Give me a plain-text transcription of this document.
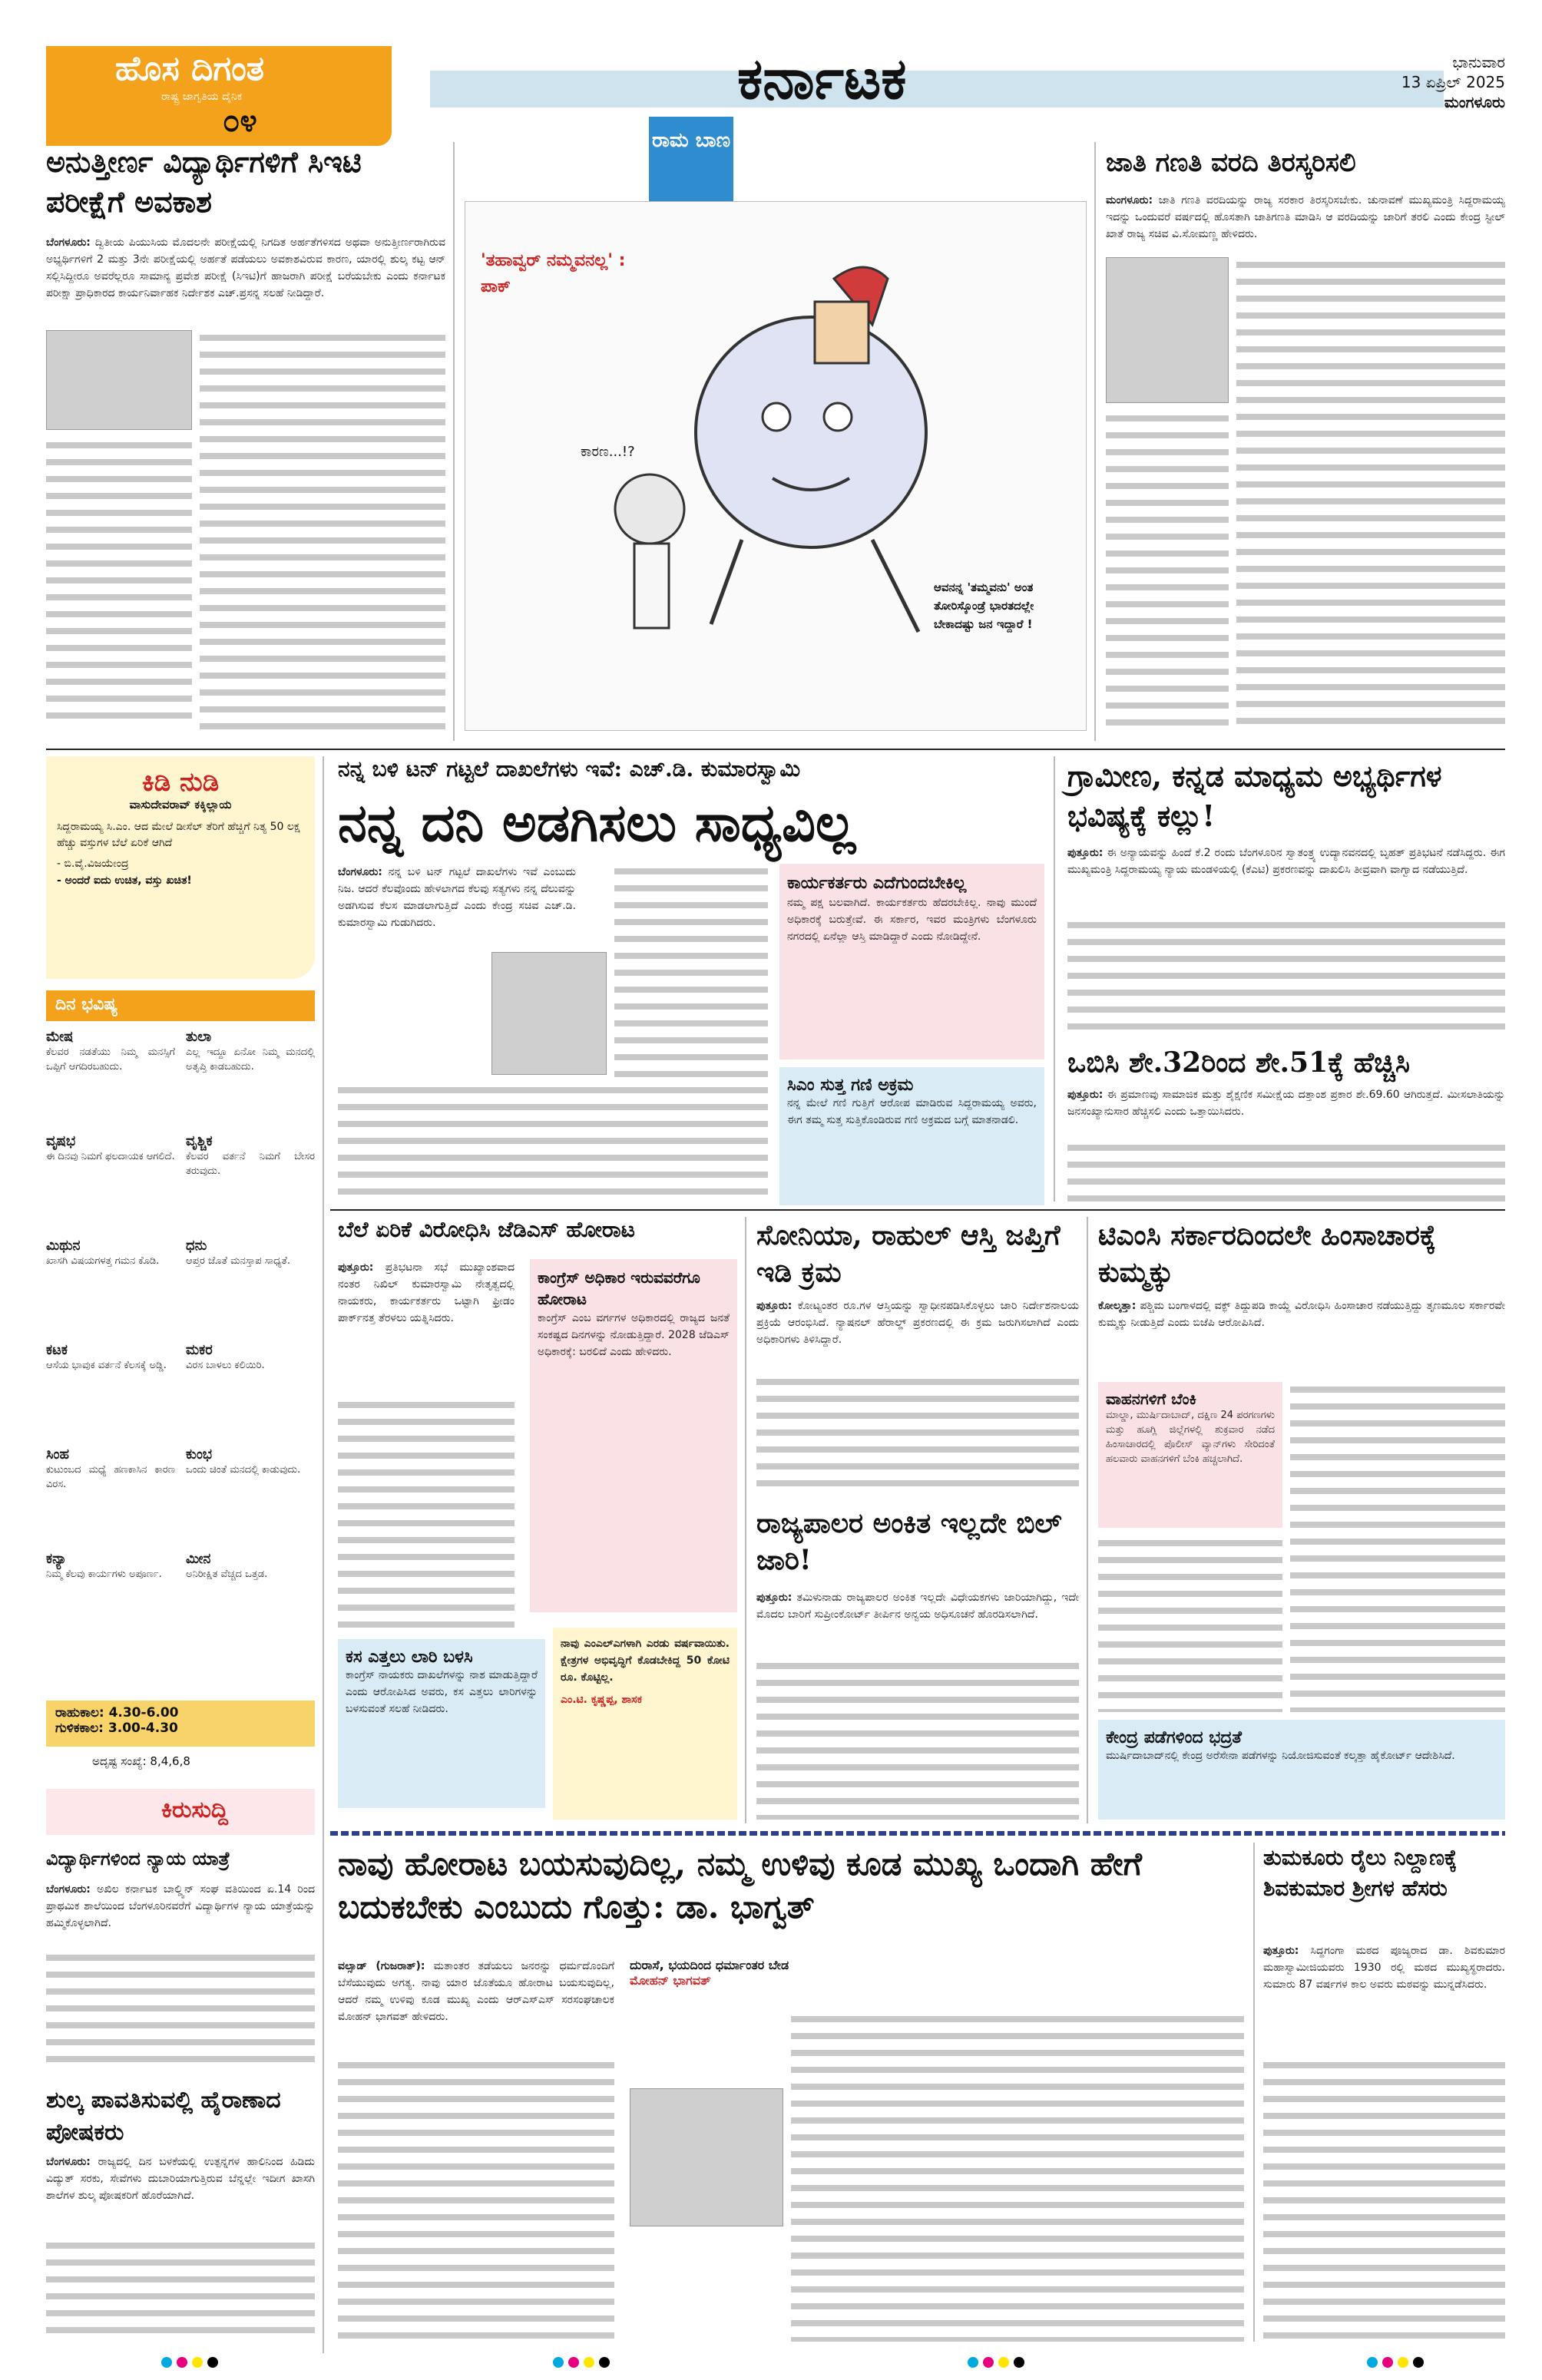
ಹೊಸ ದಿಗಂತ
ರಾಷ್ಟ್ರ ಜಾಗೃತಿಯ ದೈನಿಕ
೦೪
ಕರ್ನಾಟಕ	ಭಾನುವಾರ
13 ಏಪ್ರಿಲ್ 2025
ಮಂಗಳೂರು
ಅನುತ್ತೀರ್ಣ ವಿದ್ಯಾರ್ಥಿಗಳಿಗೆ ಸಿಇಟಿ ಪರೀಕ್ಷೆಗೆ ಅವಕಾಶ
ಬೆಂಗಳೂರು: ದ್ವಿತೀಯ ಪಿಯುಸಿಯ ಮೊದಲನೇ ಪರೀಕ್ಷೆಯಲ್ಲಿ ನಿಗದಿತ ಅರ್ಹತೆಗಳಿಸದ ಅಥವಾ ಅನುತ್ತೀರ್ಣರಾಗಿರುವ ಅಭ್ಯರ್ಥಿಗಳಿಗೆ 2 ಮತ್ತು 3ನೇ ಪರೀಕ್ಷೆಯಲ್ಲಿ ಅರ್ಹತೆ ಪಡೆಯಲು ಅವಕಾಶವಿರುವ ಕಾರಣ, ಯಾರಲ್ಲಿ ಶುಲ್ಕ ಕಟ್ಟ ಆನ್‌ ಸಲ್ಲಿಸಿದ್ದೀರೂ ಅವರೆಲ್ಲರೂ ಸಾಮಾನ್ಯ ಪ್ರವೇಶ ಪರೀಕ್ಷೆ (ಸಿಇಟಿ)ಗೆ ಹಾಜರಾಗಿ ಪರೀಕ್ಷೆ ಬರೆಯಬೇಕು ಎಂದು ಕರ್ನಾಟಕ ಪರೀಕ್ಷಾ ಪ್ರಾಧಿಕಾರದ ಕಾರ್ಯನಿರ್ವಾಹಕ ನಿರ್ದೇಶಕ ಎಚ್.ಪ್ರಸನ್ನ ಸಲಹೆ ನೀಡಿದ್ದಾರೆ.
ರಾಮ ಬಾಣ
'ತಹಾವ್ವರ್ ನಮ್ಮವನಲ್ಲ' : ಪಾಕ್
ಕಾರಣ...!?
ಆವನನ್ನ 'ತಮ್ಮವನು' ಅಂತ ತೋರಿಸ್ಕೊಂಡ್ರೆ ಭಾರತದಲ್ಲೇ ಬೇಕಾದಷ್ಟು ಜನ ಇದ್ದಾರೆ !
ಜಾತಿ ಗಣತಿ ವರದಿ ತಿರಸ್ಕರಿಸಲಿ
ಮಂಗಳೂರು: ಜಾತಿ ಗಣತಿ ವರದಿಯನ್ನು ರಾಜ್ಯ ಸರಕಾರ ತಿರಸ್ಕರಿಸಬೇಕು. ಚುನಾವಣೆ ಮುಖ್ಯಮಂತ್ರಿ ಸಿದ್ದರಾಮಯ್ಯ ಇದನ್ನು ಒಂದುವರೆ ವರ್ಷದಲ್ಲಿ ಹೊಸತಾಗಿ ಜಾತಿಗಣತಿ ಮಾಡಿಸಿ ಆ ವರದಿಯನ್ನು ಜಾರಿಗೆ ತರಲಿ ಎಂದು ಕೇಂದ್ರ ಸ್ಟೀಲ್ ಖಾತೆ ರಾಜ್ಯ ಸಚಿವ ವಿ.ಸೋಮಣ್ಣ ಹೇಳಿದರು.
ಕಿಡಿ ನುಡಿ
ವಾಸುದೇವರಾವ್ ಕಕ್ಕಿಲ್ಲಾಯ
ಸಿದ್ದರಾಮಯ್ಯ ಸಿ.ಎಂ. ಆದ ಮೇಲೆ ಡೀಸೆಲ್ ತೆರಿಗೆ ಹೆಚ್ಚಿಗೆ ನಿತ್ಯ 50 ಲಕ್ಷ ಹೆಚ್ಚು ವಸ್ತುಗಳ ಬೆಲೆ ಏರಿಕೆ ಆಗಿದೆ
- ಬಿ.ವೈ.ವಿಜಯೇಂದ್ರ
- ಅಂದರೆ ಐದು ಉಚಿತ, ವಸ್ತು ಖಚಿತ!
ದಿನ ಭವಿಷ್ಯ
ಮೇಷ
ಕೆಲವರ ನಡತೆಯು ನಿಮ್ಮ ಮನಸ್ಸಿಗೆ ಒಪ್ಪಿಗೆ ಆಗದಿರಬಹುದು.
ತುಲಾ
ಎಲ್ಲ ಇದ್ದೂ ಏನೋ ನಿಮ್ಮ ಮನದಲ್ಲಿ ಅತೃಪ್ತಿ ಕಾಡಬಹುದು.
ವೃಷಭ
ಈ ದಿನವು ನಿಮಗೆ ಫಲದಾಯಕ ಆಗಲಿದೆ.
ವೃಶ್ಚಿಕ
ಕೆಲವರ ವರ್ತನೆ ನಿಮಗೆ ಬೇಸರ ತರುವುದು.
ಮಿಥುನ
ಖಾಸಗಿ ವಿಷಯಗಳತ್ತ ಗಮನ ಕೊಡಿ.
ಧನು
ಆಪ್ತರ ಜೊತೆ ಮನಸ್ತಾಪ ಸಾಧ್ಯತೆ.
ಕಟಕ
ಆಸೆಯ ಭಾವುಕ ವರ್ತನೆ ಕೆಲಸಕ್ಕೆ ಅಡ್ಡಿ.
ಮಕರ
ವಿರಸ ಬಾಳಲು ಕಲಿಯಿರಿ.
ಸಿಂಹ
ಕುಟುಂಬದ ಮಧ್ಯೆ ಹಣಕಾಸಿನ ಕಾರಣ ವಿರಸ.
ಕುಂಭ
ಒಂದು ಚಿಂತೆ ಮನದಲ್ಲಿ ಕಾಡುವುದು.
ಕನ್ಯಾ
ನಿಮ್ಮ ಕೆಲವು ಕಾರ್ಯಗಳು ಅಪೂರ್ಣ.
ಮೀನ
ಅನಿರೀಕ್ಷಿತ ವೆಚ್ಚದ ಒತ್ತಡ.
ರಾಹುಕಾಲ: 4.30-6.00
ಗುಳಿಕಕಾಲ: 3.00-4.30
ಅದೃಷ್ಟ ಸಂಖ್ಯೆ: 8,4,6,8
ಕಿರುಸುದ್ದಿ
ವಿದ್ಯಾರ್ಥಿಗಳಿಂದ ನ್ಯಾಯ ಯಾತ್ರೆ
ಬೆಂಗಳೂರು: ಅಖಿಲ ಕರ್ನಾಟಕ ಬಾಲ್ಡ್ವಿನ್ ಸಂಘ ವತಿಯಿಂದ ಏ.14 ರಿಂದ ಪ್ರಾಥಮಿಕ ಶಾಲೆಯಿಂದ ಬೆಂಗಳೂರಿನವರೆಗೆ ವಿದ್ಯಾರ್ಥಿಗಳ ನ್ಯಾಯ ಯಾತ್ರೆಯನ್ನು ಹಮ್ಮಿಕೊಳ್ಳಲಾಗಿದೆ.
ಶುಲ್ಕ ಪಾವತಿಸುವಲ್ಲಿ ಹೈರಾಣಾದ ಪೋಷಕರು
ಬೆಂಗಳೂರು: ರಾಜ್ಯದಲ್ಲಿ ದಿನ ಬಳಕೆಯಲ್ಲಿ ಉತ್ಪನ್ನಗಳ ಹಾಲಿನಿಂದ ಹಿಡಿದು ವಿದ್ಯುತ್ ಸರಕು, ಸೇವೆಗಳು ದುಬಾರಿಯಾಗುತ್ತಿರುವ ಬೆನ್ನಲ್ಲೇ ಇದೀಗ ಖಾಸಗಿ ಶಾಲೆಗಳ ಶುಲ್ಕ ಪೋಷಕರಿಗೆ ಹೊರೆಯಾಗಿದೆ.
ನನ್ನ ಬಳಿ ಟನ್ ಗಟ್ಟಲೆ ದಾಖಲೆಗಳು ಇವೆ: ಎಚ್.ಡಿ. ಕುಮಾರಸ್ವಾಮಿ
ನನ್ನ ದನಿ ಅಡಗಿಸಲು ಸಾಧ್ಯವಿಲ್ಲ
ಬೆಂಗಳೂರು: ನನ್ನ ಬಳಿ ಟನ್ ಗಟ್ಟಲೆ ದಾಖಲೆಗಳು ಇವೆ ಎಂಬುದು ನಿಜ. ಆದರೆ ಕೆಲವೊಂದು ಹೇಳಲಾಗದ ಕೆಲವು ಸತ್ಯಗಳು ನನ್ನ ದೆಲುವನ್ನು ಅಡಗಿಸುವ ಕೆಲಸ ಮಾಡಲಾಗುತ್ತಿದೆ ಎಂದು ಕೇಂದ್ರ ಸಚಿವ ಎಚ್.ಡಿ. ಕುಮಾರಸ್ವಾಮಿ ಗುಡುಗಿದರು.
ಕಾರ್ಯಕರ್ತರು ಎದೆಗುಂದಬೇಕಿಲ್ಲ
ನಮ್ಮ ಪಕ್ಷ ಬಲವಾಗಿದೆ. ಕಾರ್ಯಕರ್ತರು ಹೆದರಬೇಕಿಲ್ಲ. ನಾವು ಮುಂದೆ ಅಧಿಕಾರಕ್ಕೆ ಬರುತ್ತೇವೆ. ಈ ಸರ್ಕಾರ, ಇವರ ಮಂತ್ರಿಗಳು ಬೆಂಗಳೂರು ನಗರದಲ್ಲಿ ಏನೆಲ್ಲಾ ಆಸ್ತಿ ಮಾಡಿದ್ದಾರೆ ಎಂದು ನೋಡಿದ್ದೇನೆ.
ಸಿಎಂ ಸುತ್ತ ಗಣಿ ಅಕ್ರಮ
ನನ್ನ ಮೇಲೆ ಗಣಿ ಗುತ್ತಿಗೆ ಆರೋಪ ಮಾಡಿರುವ ಸಿದ್ದರಾಮಯ್ಯ ಅವರು, ಈಗ ತಮ್ಮ ಸುತ್ತ ಸುತ್ತಿಕೊಂಡಿರುವ ಗಣಿ ಅಕ್ರಮದ ಬಗ್ಗೆ ಮಾತನಾಡಲಿ.
ಗ್ರಾಮೀಣ, ಕನ್ನಡ ಮಾಧ್ಯಮ ಅಭ್ಯರ್ಥಿಗಳ ಭವಿಷ್ಯಕ್ಕೆ ಕಲ್ಲು!
ಪುತ್ತೂರು: ಈ ಅನ್ಯಾಯವನ್ನು ಹಿಂದೆ ಕೆ.2 ರಂದು ಬೆಂಗಳೂರಿನ ಸ್ವಾತಂತ್ರ್ಯ ಉದ್ಯಾನವನದಲ್ಲಿ ಬೃಹತ್ ಪ್ರತಿಭಟನೆ ನಡೆಸಿದ್ದರು. ಈಗ ಮುಖ್ಯಮಂತ್ರಿ ಸಿದ್ದರಾಮಯ್ಯ ನ್ಯಾಯ ಮಂಡಳಿಯಲ್ಲಿ (ಕೆಎಟಿ) ಪ್ರಕರಣವನ್ನು ದಾಖಲಿಸಿ ತೀವ್ರವಾಗಿ ವಾಗ್ವಾದ ನಡೆಯುತ್ತಿದೆ.
ಒಬಿಸಿ ಶೇ.32ರಿಂದ ಶೇ.51ಕ್ಕೆ ಹೆಚ್ಚಿಸಿ
ಪುತ್ತೂರು: ಈ ಪ್ರಮಾಣವು ಸಾಮಾಜಿಕ ಮತ್ತು ಶೈಕ್ಷಣಿಕ ಸಮೀಕ್ಷೆಯ ದತ್ತಾಂಶ ಪ್ರಕಾರ ಶೇ.69.60 ಆಗಿರುತ್ತದೆ. ಮೀಸಲಾತಿಯನ್ನು ಜನಸಂಖ್ಯಾನುಸಾರ ಹೆಚ್ಚಿಸಲಿ ಎಂದು ಒತ್ತಾಯಿಸಿದರು.
ಬೆಲೆ ಏರಿಕೆ ವಿರೋಧಿಸಿ ಜೆಡಿಎಸ್ ಹೋರಾಟ
ಪುತ್ತೂರು: ಪ್ರತಿಭಟನಾ ಸಭೆ ಮುಖ್ಯಾಂಶವಾದ ನಂತರ ನಿಖಿಲ್ ಕುಮಾರಸ್ವಾಮಿ ನೇತೃತ್ವದಲ್ಲಿ ನಾಯಕರು, ಕಾರ್ಯಕರ್ತರು ಒಟ್ಟಾಗಿ ಫ್ರೀಡಂ ಪಾರ್ಕ್‌ನತ್ತ ತೆರಳಲು ಯತ್ನಿಸಿದರು.
ಕಾಂಗ್ರೆಸ್ ಅಧಿಕಾರ ಇರುವವರೆಗೂ ಹೋರಾಟ
ಕಾಂಗ್ರೆಸ್ ಎಂಬ ವರ್ಗಗಳ ಅಧಿಕಾರದಲ್ಲಿ ರಾಜ್ಯದ ಜನತೆ ಸಂಕಷ್ಟದ ದಿನಗಳನ್ನು ನೋಡುತ್ತಿದ್ದಾರೆ. 2028 ಜೆಡಿಎಸ್‌ ಅಧಿಕಾರಕ್ಕೆ: ಬರಲಿದೆ ಎಂದು ಹೇಳಿದರು.
ಕಸ ಎತ್ತಲು ಲಾರಿ ಬಳಸಿ
ಕಾಂಗ್ರೆಸ್ ನಾಯಕರು ದಾಖಲೆಗಳನ್ನು ನಾಶ ಮಾಡುತ್ತಿದ್ದಾರೆ ಎಂದು ಆರೋಪಿಸಿದ ಅವರು, ಕಸ ಎತ್ತಲು ಲಾರಿಗಳನ್ನು ಬಳಸುವಂತೆ ಸಲಹೆ ನೀಡಿದರು.
ನಾವು ಎಂಎಲ್‌ಎಗಳಾಗಿ ಎರಡು ವರ್ಷವಾಯಿತು. ಕ್ಷೇತ್ರಗಳ ಅಭಿವೃದ್ಧಿಗೆ ಕೊಡಬೇಕಿದ್ದ 50 ಕೋಟಿ ರೂ. ಕೊಟ್ಟಿಲ್ಲ.
ಎಂ.ಟಿ. ಕೃಷ್ಣಪ್ಪ, ಶಾಸಕ
ಸೋನಿಯಾ, ರಾಹುಲ್ ಆಸ್ತಿ ಜಪ್ತಿಗೆ ಇಡಿ ಕ್ರಮ
ಪುತ್ತೂರು: ಕೋಟ್ಯಂತರ ರೂ.ಗಳ ಆಸ್ತಿಯನ್ನು ಸ್ವಾಧೀನಪಡಿಸಿಕೊಳ್ಳಲು ಜಾರಿ ನಿರ್ದೇಶನಾಲಯ ಪ್ರಕ್ರಿಯೆ ಆರಂಭಿಸಿದೆ. ನ್ಯಾಷನಲ್ ಹೆರಾಲ್ಡ್ ಪ್ರಕರಣದಲ್ಲಿ ಈ ಕ್ರಮ ಜರುಗಿಸಲಾಗಿದೆ ಎಂದು ಅಧಿಕಾರಿಗಳು ತಿಳಿಸಿದ್ದಾರೆ.
ರಾಜ್ಯಪಾಲರ ಅಂಕಿತ ಇಲ್ಲದೇ ಬಿಲ್ ಜಾರಿ!
ಪುತ್ತೂರು: ತಮಿಳುನಾಡು ರಾಜ್ಯಪಾಲರ ಅಂಕಿತ ಇಲ್ಲದೇ ವಿಧೇಯಕಗಳು ಜಾರಿಯಾಗಿದ್ದು, ಇದೇ ಮೊದಲ ಬಾರಿಗೆ ಸುಪ್ರೀಂಕೋರ್ಟ್ ತೀರ್ಪಿನ ಅನ್ವಯ ಅಧಿಸೂಚನೆ ಹೊರಡಿಸಲಾಗಿದೆ.
ಟಿಎಂಸಿ ಸರ್ಕಾರದಿಂದಲೇ ಹಿಂಸಾಚಾರಕ್ಕೆ ಕುಮ್ಮಕ್ಕು
ಕೋಲ್ಕತ್ತಾ: ಪಶ್ಚಿಮ ಬಂಗಾಳದಲ್ಲಿ ವಕ್ಫ್ ತಿದ್ದುಪಡಿ ಕಾಯ್ದೆ ವಿರೋಧಿಸಿ ಹಿಂಸಾಚಾರ ನಡೆಯುತ್ತಿದ್ದು ತೃಣಮೂಲ ಸರ್ಕಾರವೇ ಕುಮ್ಮಕ್ಕು ನೀಡುತ್ತಿದೆ ಎಂದು ಬಿಜೆಪಿ ಆರೋಪಿಸಿದೆ.
ವಾಹನಗಳಿಗೆ ಬೆಂಕಿ
ಮಾಲ್ಡಾ, ಮುರ್ಷಿದಾಬಾದ್, ದಕ್ಷಿಣ 24 ಪರಗಣಗಳು ಮತ್ತು ಹೂಗ್ಲಿ ಜಿಲ್ಲೆಗಳಲ್ಲಿ ಶುಕ್ರವಾರ ನಡೆದ ಹಿಂಸಾಚಾರದಲ್ಲಿ ಪೊಲೀಸ್ ವ್ಯಾನ್‌ಗಳು ಸೇರಿದಂತೆ ಹಲವಾರು ವಾಹನಗಳಿಗೆ ಬೆಂಕಿ ಹಚ್ಚಲಾಗಿದೆ.
ಕೇಂದ್ರ ಪಡೆಗಳಿಂದ ಭದ್ರತೆ
ಮುರ್ಷಿದಾಬಾದ್‌ನಲ್ಲಿ ಕೇಂದ್ರ ಅರೆಸೇನಾ ಪಡೆಗಳನ್ನು ನಿಯೋಜಿಸುವಂತೆ ಕಲ್ಕತ್ತಾ ಹೈಕೋರ್ಟ್ ಆದೇಶಿಸಿದೆ.
ನಾವು ಹೋರಾಟ ಬಯಸುವುದಿಲ್ಲ, ನಮ್ಮ ಉಳಿವು ಕೂಡ ಮುಖ್ಯ ಒಂದಾಗಿ ಹೇಗೆ ಬದುಕಬೇಕು ಎಂಬುದು ಗೊತ್ತು: ಡಾ. ಭಾಗ್ವತ್
ವಲ್ಸಾಡ್ (ಗುಜರಾತ್): ಮತಾಂತರ ತಡೆಯಲು ಜನರನ್ನು ಧರ್ಮದೊಂದಿಗೆ ಬೆಸೆಯುವುದು ಅಗತ್ಯ. ನಾವು ಯಾರ ಜೊತೆಯೂ ಹೋರಾಟ ಬಯಸುವುದಿಲ್ಲ, ಆದರೆ ನಮ್ಮ ಉಳಿವು ಕೂಡ ಮುಖ್ಯ ಎಂದು ಆರ್‌ಎಸ್‌ಎಸ್ ಸರಸಂಘಚಾಲಕ ಮೋಹನ್ ಭಾಗವತ್ ಹೇಳಿದರು.
ದುರಾಸೆ, ಭಯದಿಂದ ಧರ್ಮಾಂತರ ಬೇಡ
ಮೋಹನ್ ಭಾಗವತ್
ತುಮಕೂರು ರೈಲು ನಿಲ್ದಾಣಕ್ಕೆ ಶಿವಕುಮಾರ ಶ್ರೀಗಳ ಹೆಸರು
ಪುತ್ತೂರು: ಸಿದ್ದಗಂಗಾ ಮಠದ ಪೂಜ್ಯರಾದ ಡಾ. ಶಿವಕುಮಾರ ಮಹಾಸ್ವಾಮೀಜಿಯವರು 1930 ರಲ್ಲಿ ಮಠದ ಮುಖ್ಯಸ್ಥರಾದರು. ಸುಮಾರು 87 ವರ್ಷಗಳ ಕಾಲ ಅವರು ಮಠವನ್ನು ಮುನ್ನಡೆಸಿದರು.
